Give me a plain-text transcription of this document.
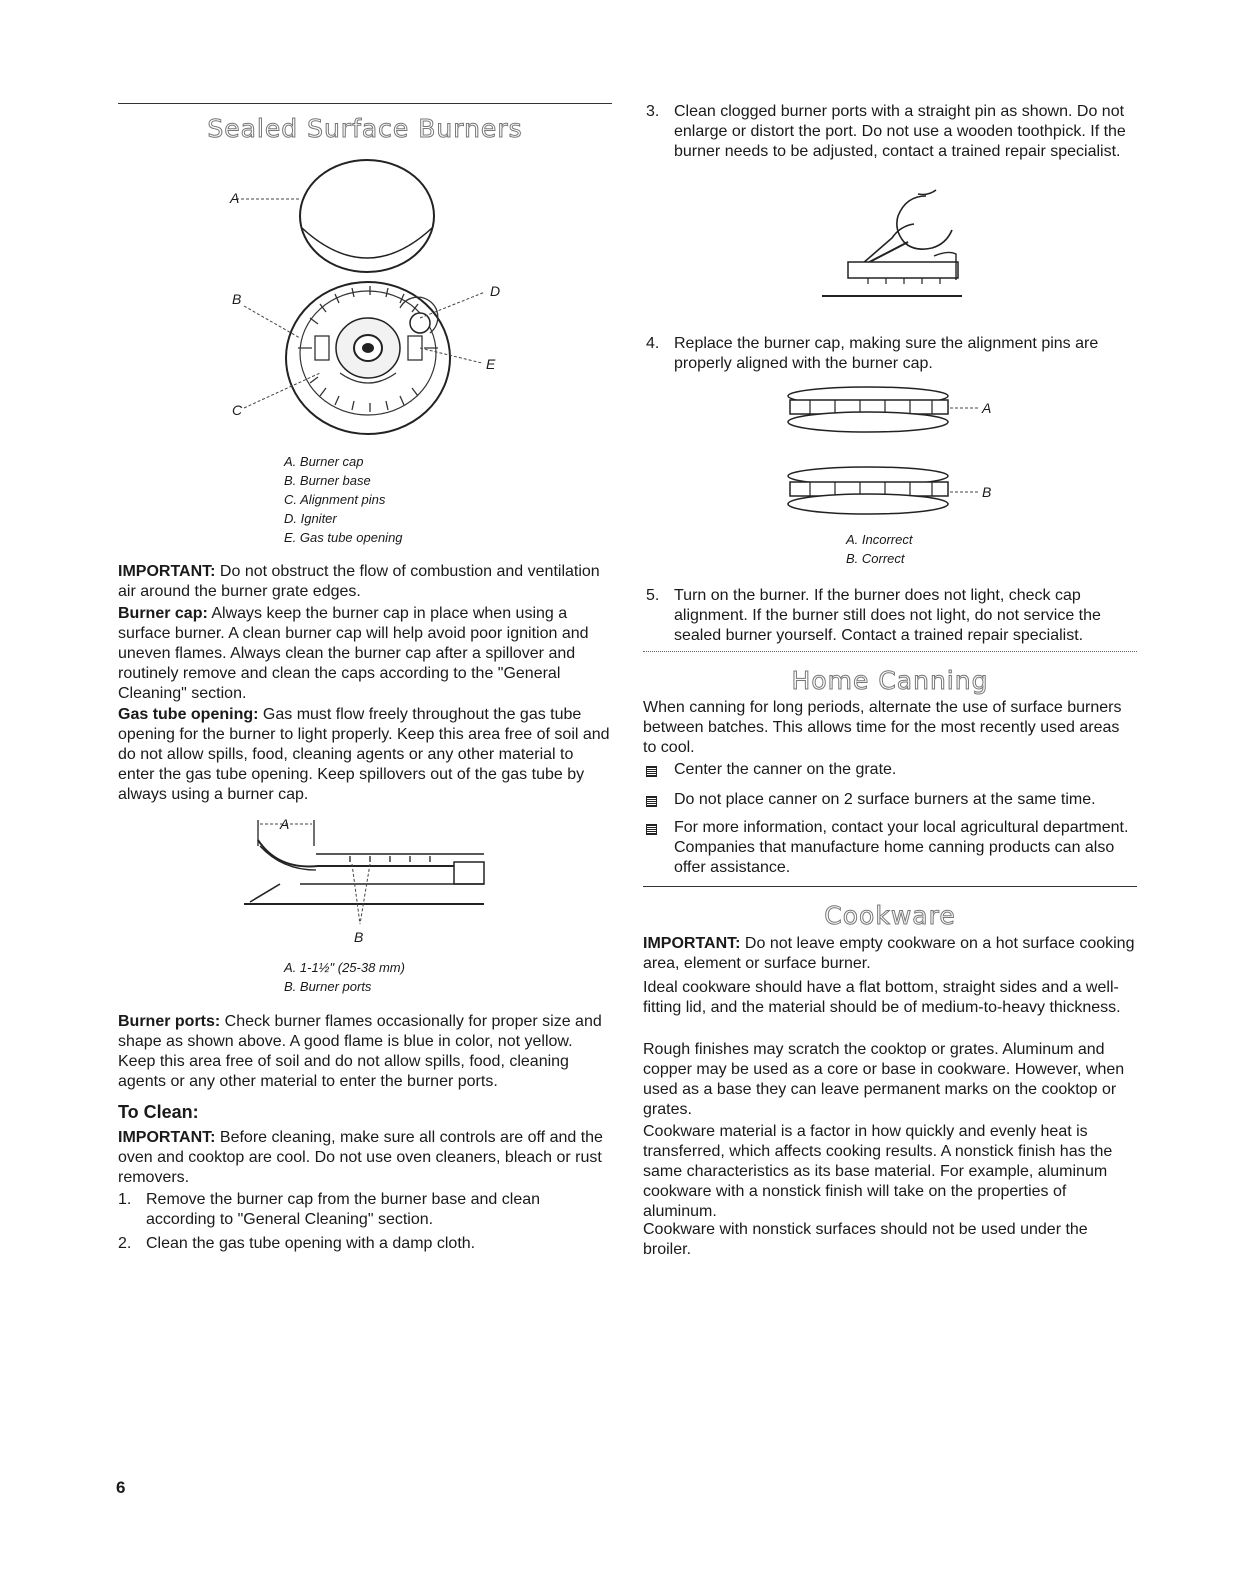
Sealed Surface Burners
A
B
C
D
E
A. Burner cap
B. Burner base
C. Alignment pins
D. Igniter
E. Gas tube opening

IMPORTANT: Do not obstruct the flow of combustion and ventilation air around the burner grate edges.

Burner cap: Always keep the burner cap in place when using a surface burner. A clean burner cap will help avoid poor ignition and uneven flames. Always clean the burner cap after a spillover and routinely remove and clean the caps according to the "General Cleaning" section.

Gas tube opening: Gas must flow freely throughout the gas tube opening for the burner to light properly. Keep this area free of soil and do not allow spills, food, cleaning agents or any other material to enter the gas tube opening. Keep spillovers out of the gas tube by always using a burner cap.

A
B
A. 1-1½" (25-38 mm)
B. Burner ports

Burner ports: Check burner flames occasionally for proper size and shape as shown above. A good flame is blue in color, not yellow. Keep this area free of soil and do not allow spills, food, cleaning agents or any other material to enter the burner ports.

To Clean:

IMPORTANT: Before cleaning, make sure all controls are off and the oven and cooktop are cool. Do not use oven cleaners, bleach or rust removers.

1. Remove the burner cap from the burner base and clean according to "General Cleaning" section.

2. Clean the gas tube opening with a damp cloth.

3. Clean clogged burner ports with a straight pin as shown. Do not enlarge or distort the port. Do not use a wooden toothpick. If the burner needs to be adjusted, contact a trained repair specialist.

4. Replace the burner cap, making sure the alignment pins are properly aligned with the burner cap.

A
B
A. Incorrect
B. Correct
5. Turn on the burner. If the burner does not light, check cap alignment. If the burner still does not light, do not service the sealed burner yourself. Contact a trained repair specialist.

Home Canning

When canning for long periods, alternate the use of surface burners between batches. This allows time for the most recently used areas to cool.

Center the canner on the grate.

Do not place canner on 2 surface burners at the same time.

For more information, contact your local agricultural department. Companies that manufacture home canning products can also offer assistance.

Cookware

IMPORTANT: Do not leave empty cookware on a hot surface cooking area, element or surface burner.

Ideal cookware should have a flat bottom, straight sides and a well-fitting lid, and the material should be of medium-to-heavy thickness.

Rough finishes may scratch the cooktop or grates. Aluminum and copper may be used as a core or base in cookware. However, when used as a base they can leave permanent marks on the cooktop or grates.

Cookware material is a factor in how quickly and evenly heat is transferred, which affects cooking results. A nonstick finish has the same characteristics as its base material. For example, aluminum cookware with a nonstick finish will take on the properties of aluminum.

Cookware with nonstick surfaces should not be used under the broiler.

6
